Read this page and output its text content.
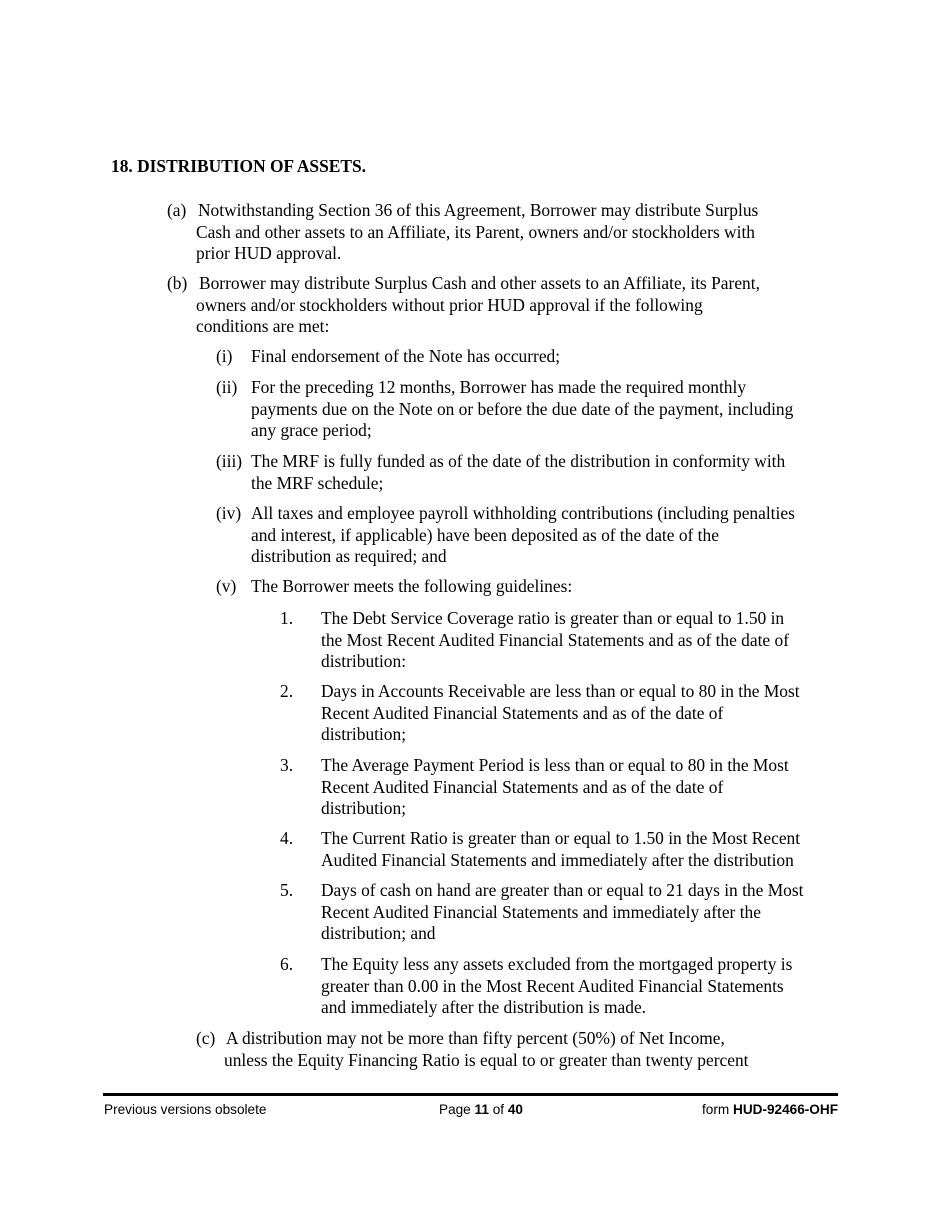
18. DISTRIBUTION OF ASSETS.
(a) Notwithstanding Section 36 of this Agreement, Borrower may distribute Surplus
Cash and other assets to an Affiliate, its Parent, owners and/or stockholders with
prior HUD approval.
(b) Borrower may distribute Surplus Cash and other assets to an Affiliate, its Parent,
owners and/or stockholders without prior HUD approval if the following
conditions are met:
(i) Final endorsement of the Note has occurred;
(ii) For the preceding 12 months, Borrower has made the required monthly
payments due on the Note on or before the due date of the payment, including
any grace period;
(iii) The MRF is fully funded as of the date of the distribution in conformity with
the MRF schedule;
(iv) All taxes and employee payroll withholding contributions (including penalties
and interest, if applicable) have been deposited as of the date of the
distribution as required; and
(v) The Borrower meets the following guidelines:
1. The Debt Service Coverage ratio is greater than or equal to 1.50 in
the Most Recent Audited Financial Statements and as of the date of
distribution:
2. Days in Accounts Receivable are less than or equal to 80 in the Most
Recent Audited Financial Statements and as of the date of
distribution;
3. The Average Payment Period is less than or equal to 80 in the Most
Recent Audited Financial Statements and as of the date of
distribution;
4. The Current Ratio is greater than or equal to 1.50 in the Most Recent
Audited Financial Statements and immediately after the distribution
5. Days of cash on hand are greater than or equal to 21 days in the Most
Recent Audited Financial Statements and immediately after the
distribution; and
6. The Equity less any assets excluded from the mortgaged property is
greater than 0.00 in the Most Recent Audited Financial Statements
and immediately after the distribution is made.
(c) A distribution may not be more than fifty percent (50%) of Net Income,
unless the Equity Financing Ratio is equal to or greater than twenty percent
Previous versions obsolete	Page 11 of 40	form HUD-92466-OHF
